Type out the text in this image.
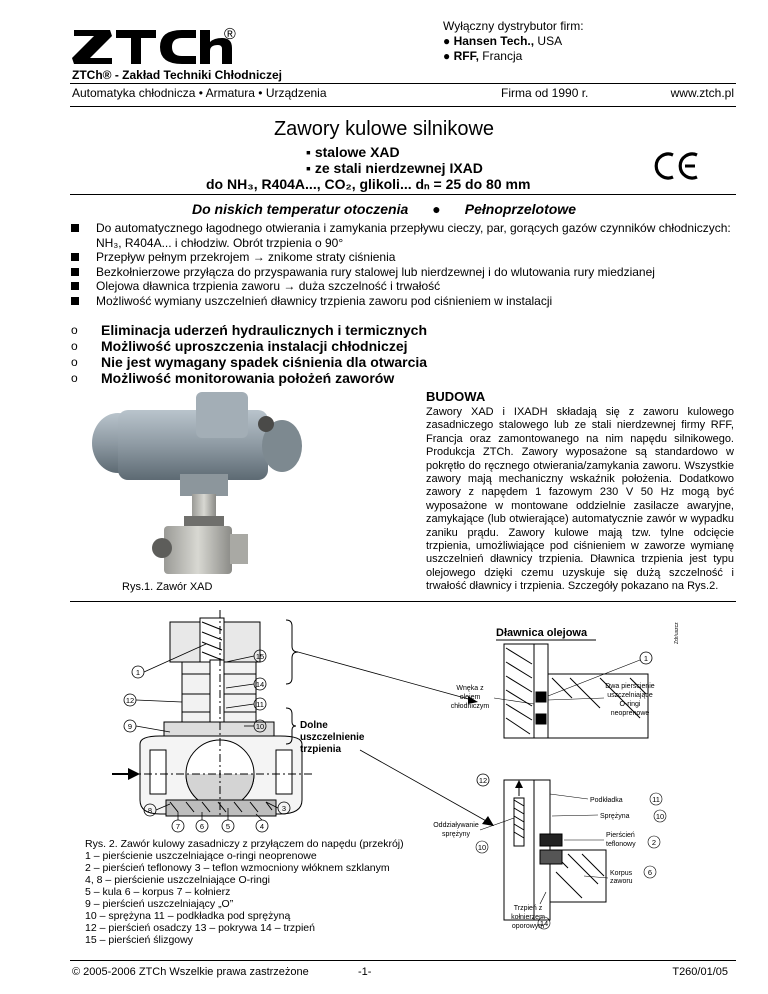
®
ZTCh® - Zakład Techniki Chłodniczej
Wyłączny dystrybutor firm:
● Hansen Tech., USA
● RFF, Francja
Automatyka chłodnicza • Armatura • Urządzenia	Firma od 1990 r.	www.ztch.pl
Zawory kulowe silnikowe
▪ stalowe XAD
▪ ze stali nierdzewnej IXAD
do NH₃, R404A..., CO₂, glikoli... dₙ = 25 do 80 mm
Do niskich temperatur otoczenia ● Pełnoprzelotowe
Do automatycznego łagodnego otwierania i zamykania przepływu cieczy, par, gorących gazów czynników chłodniczych: NH₃, R404A... i chłodziw. Obrót trzpienia o 90°
Przepływ pełnym przekrojem → znikome straty ciśnienia
Bezkołnierzowe przyłącza do przyspawania rury stalowej lub nierdzewnej i do wlutowania rury miedzianej
Olejowa dławnica trzpienia zaworu → duża szczelność i trwałość
Możliwość wymiany uszczelnień dławnicy trzpienia zaworu pod ciśnieniem w instalacji
o Eliminacja uderzeń hydraulicznych i termicznych
o Możliwość uproszczenia instalacji chłodniczej
o Nie jest wymagany spadek ciśnienia dla otwarcia
o Możliwość monitorowania położeń zaworów
Rys.1. Zawór XAD
BUDOWA
Zawory XAD i IXADH składają się z zaworu kulowego zasadniczego stalowego lub ze stali nierdzewnej firmy RFF, Francja oraz zamontowanego na nim napędu silnikowego. Produkcja ZTCh. Zawory wyposażone są standardowo w pokrętło do ręcznego otwierania/zamykania zaworu. Wszystkie zawory mają mechaniczny wskaźnik położenia. Dodatkowo zawory z napędem 1 fazowym 230 V 50 Hz mogą być wyposażone w montowane oddzielnie zasilacze awaryjne, zamykające (lub otwierające) automatycznie zawór w wypadku zaniku prądu. Zawory kulowe mają tzw. tylne odcięcie trzpienia, umożliwiające pod ciśnieniem w zaworze wymianę uszczelnień dławnicy trzpienia. Dławnica trzpienia jest typu olejowego dzięki czemu uzyskuje się dużą szczelność i trwałość dławnicy i trzpienia. Szczegóły pokazano na Rys.2.
Dławnica olejowa	Zdr/uszcz
15
1
14
12	11
9	10
8	3
7	6	5	4
Dolne
uszczelnienie
trzpienia
Wnęka z
olejem
chłodniczym
Dwa pierścienie
uszczelniające
O-ringi
neoprenowe
1
12
Podkładka
Sprężyna
Pierścień
teflonowy
Korpus
zaworu
Oddziaływanie
sprężyny
Trzpień z
kołnierzem
oporowym
11
10
2
6
10
14
Rys. 2. Zawór kulowy zasadniczy z przyłączem do napędu (przekrój)
1 – pierścienie uszczelniające o-ringi neoprenowe
2 – pierścień teflonowy 3 – teflon wzmocniony włóknem szklanym
4, 8 – pierścienie uszczelniające O-ringi
5 – kula 6 – korpus 7 – kołnierz
9 – pierścień uszczelniający „O”
10 – sprężyna 11 – podkładka pod sprężyną
12 – pierścień osadczy 13 – pokrywa 14 – trzpień
15 – pierścień ślizgowy
© 2005-2006 ZTCh Wszelkie prawa zastrzeżone	-1-	T260/01/05
